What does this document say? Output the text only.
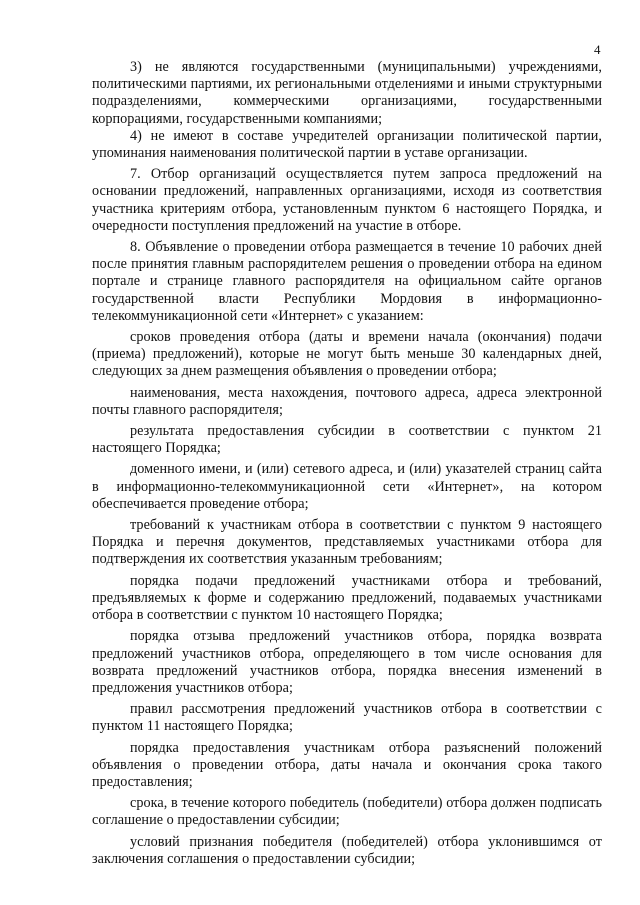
4

3) не являются государственными (муниципальными) учреждениями, политическими партиями, их региональными отделениями и иными структурными подразделениями, коммерческими организациями, государственными корпорациями, государственными компаниями;

4) не имеют в составе учредителей организации политической партии, упоминания наименования политической партии в уставе организации.

7. Отбор организаций осуществляется путем запроса предложений на основании предложений, направленных организациями, исходя из соответствия участника критериям отбора, установленным пунктом 6 настоящего Порядка, и очередности поступления предложений на участие в отборе.

8. Объявление о проведении отбора размещается в течение 10 рабочих дней после принятия главным распорядителем решения о проведении отбора на едином портале и странице главного распорядителя на официальном сайте органов государственной власти Республики Мордовия в информационно-телекоммуникационной сети «Интернет» с указанием:

сроков проведения отбора (даты и времени начала (окончания) подачи (приема) предложений), которые не могут быть меньше 30 календарных дней, следующих за днем размещения объявления о проведении отбора;

наименования, места нахождения, почтового адреса, адреса электронной почты главного распорядителя;

результата предоставления субсидии в соответствии с пунктом 21 настоящего Порядка;

доменного имени, и (или) сетевого адреса, и (или) указателей страниц сайта в информационно-телекоммуникационной сети «Интернет», на котором обеспечивается проведение отбора;

требований к участникам отбора в соответствии с пунктом 9 настоящего Порядка и перечня документов, представляемых участниками отбора для подтверждения их соответствия указанным требованиям;

порядка подачи предложений участниками отбора и требований, предъявляемых к форме и содержанию предложений, подаваемых участниками отбора в соответствии с пунктом 10 настоящего Порядка;

порядка отзыва предложений участников отбора, порядка возврата предложений участников отбора, определяющего в том числе основания для возврата предложений участников отбора, порядка внесения изменений в предложения участников отбора;

правил рассмотрения предложений участников отбора в соответствии с пунктом 11 настоящего Порядка;

порядка предоставления участникам отбора разъяснений положений объявления о проведении отбора, даты начала и окончания срока такого предоставления;

срока, в течение которого победитель (победители) отбора должен подписать соглашение о предоставлении субсидии;

условий признания победителя (победителей) отбора уклонившимся от заключения соглашения о предоставлении субсидии;
